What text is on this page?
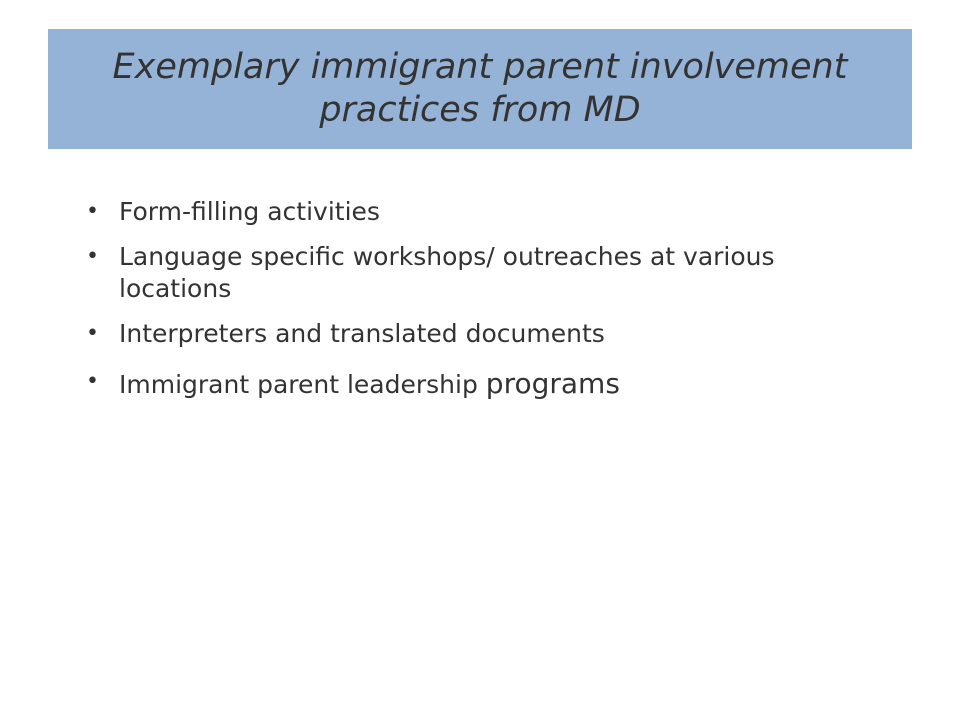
Exemplary immigrant parent involvement practices from MD
• Form-filling activities
• Language specific workshops/ outreaches at various locations
• Interpreters and translated documents
• Immigrant parent leadership programs
